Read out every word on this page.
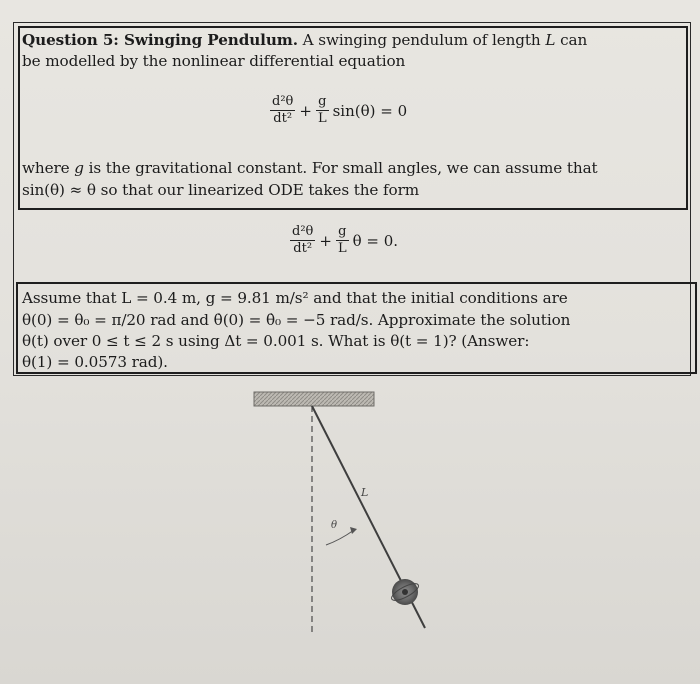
Question 5: Swinging Pendulum. A swinging pendulum of length L can
be modelled by the nonlinear differential equation
$\frac{\text{d²θ}}{\text{dt²}} + \frac{g}{L} \sin(\theta) = 0$
where g is the gravitational constant. For small angles, we can assume that
sin(θ) ≈ θ so that our linearized ODE takes the form
$\frac{\text{d²θ}}{\text{dt²}} + \frac{g}{L}$ θ = 0.
Assume that L = 0.4 m, g = 9.81 m/s² and that the initial conditions are
θ(0) = θ₀ = π/20 rad and θ̇(0) = θ̇₀ = −5 rad/s. Approximate the solution
θ(t) over 0 ≤ t ≤ 2 s using Δt = 0.001 s. What is θ(t = 1)? (Answer:
θ(1) = 0.0573 rad).
L
θ
